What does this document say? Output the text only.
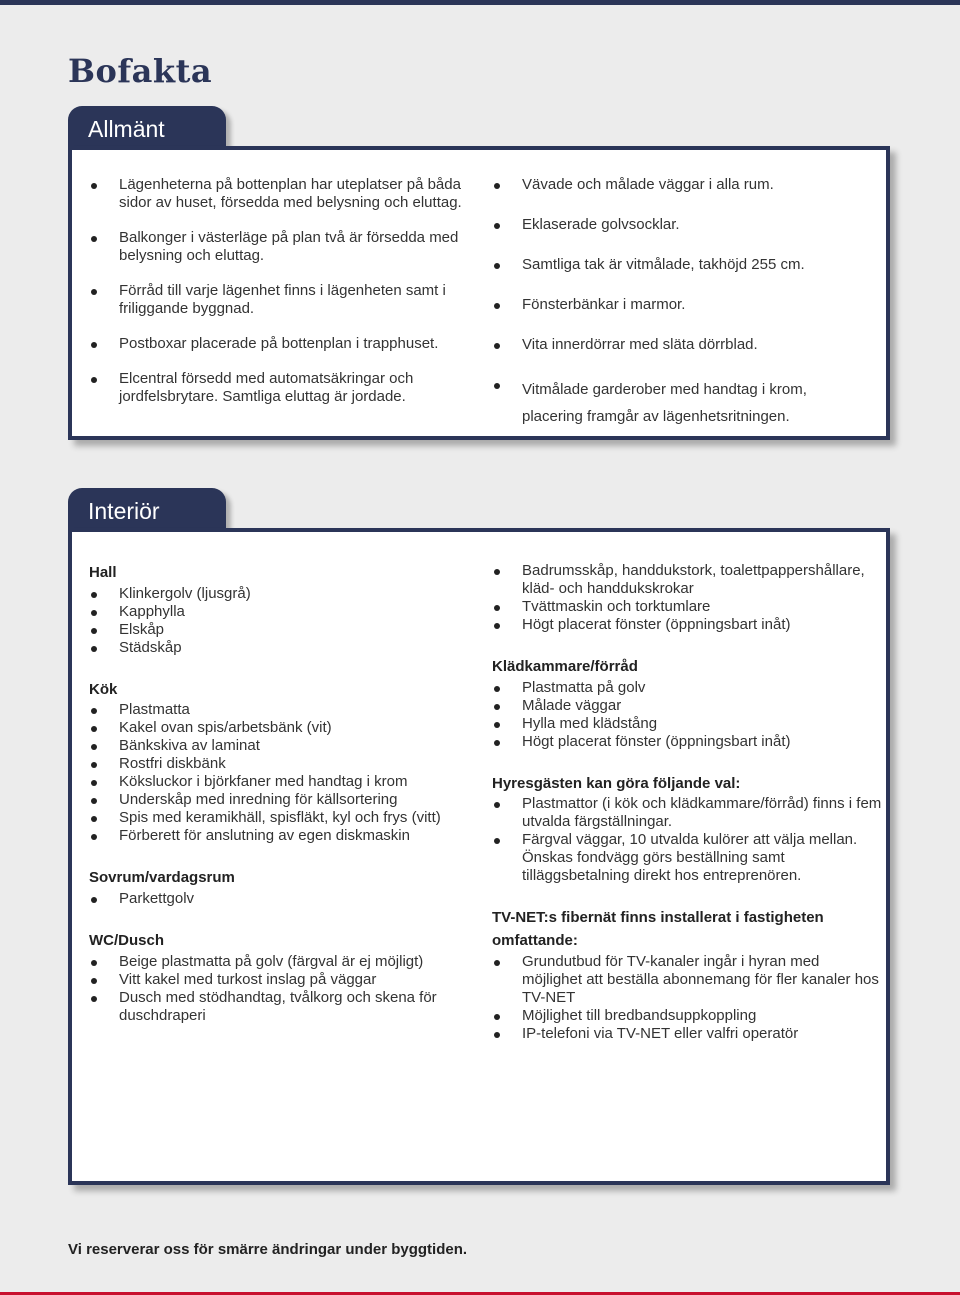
Bofakta
Allmänt
Lägenheterna på bottenplan har uteplatser på båda sidor av huset, försedda med belysning och eluttag.
Balkonger i västerläge på plan två är försedda med belysning och eluttag.
Förråd till varje lägenhet finns i lägenheten samt i friliggande byggnad.
Postboxar placerade på bottenplan i trapphuset.
Elcentral försedd med automatsäkringar och jordfelsbrytare. Samtliga eluttag är jordade.
Vävade och målade väggar i alla rum.
Eklaserade golvsocklar.
Samtliga tak är vitmålade, takhöjd 255 cm.
Fönsterbänkar i marmor.
Vita innerdörrar med släta dörrblad.
Vitmålade garderober med handtag i krom, placering framgår av lägenhetsritningen.
Interiör

Hall

Klinkergolv (ljusgrå)
Kapphylla
Elskåp
Städskåp

Kök

Plastmatta
Kakel ovan spis/arbetsbänk (vit)
Bänkskiva av laminat
Rostfri diskbänk
Köksluckor i björkfaner med handtag i krom
Underskåp med inredning för källsortering
Spis med keramikhäll, spisfläkt, kyl och frys (vitt)
Förberett för anslutning av egen diskmaskin

Sovrum/vardagsrum

Parkettgolv

WC/Dusch

Beige plastmatta på golv (färgval är ej möjligt)
Vitt kakel med turkost inslag på väggar
Dusch med stödhandtag, tvålkorg och skena för duschdraperi
Badrumsskåp, handdukstork, toalettpappershållare, kläd- och handdukskrokar
Tvättmaskin och torktumlare
Högt placerat fönster (öppningsbart inåt)

Klädkammare/förråd

Plastmatta på golv
Målade väggar
Hylla med klädstång
Högt placerat fönster (öppningsbart inåt)

Hyresgästen kan göra följande val:

Plastmattor (i kök och klädkammare/förråd) finns i fem utvalda färgställningar.
Färgval väggar, 10 utvalda kulörer att välja mellan. Önskas fondvägg görs beställning samt tilläggsbetalning direkt hos entreprenören.

TV-NET:s fibernät finns installerat i fastigheten omfattande:

Grundutbud för TV-kanaler ingår i hyran med möjlighet att beställa abonnemang för fler kanaler hos TV-NET
Möjlighet till bredbandsuppkoppling
IP-telefoni via TV-NET eller valfri operatör

Vi reserverar oss för smärre ändringar under byggtiden.
